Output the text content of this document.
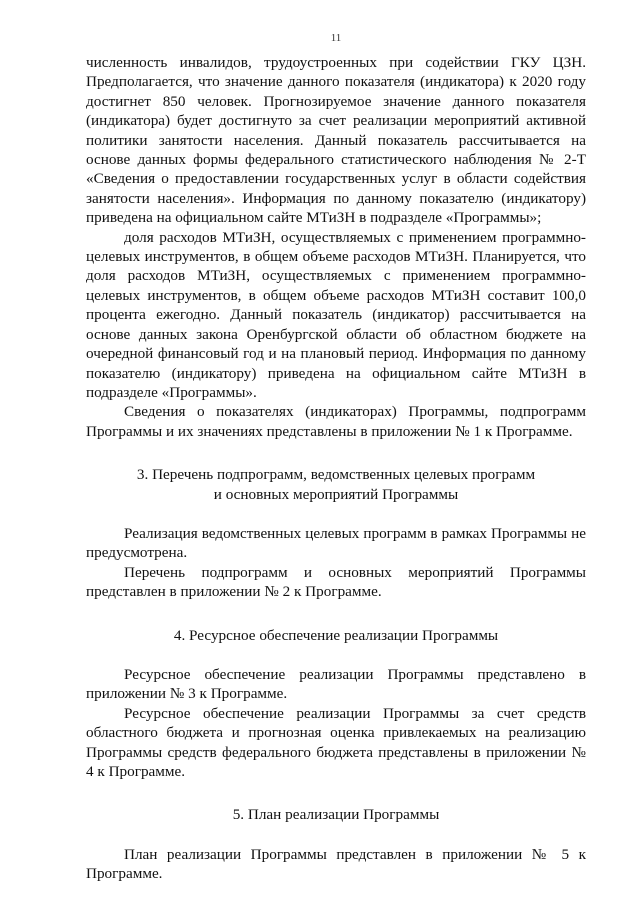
11

численность инвалидов, трудоустроенных при содействии ГКУ ЦЗН. Предполагается, что значение данного показателя (индикатора) к 2020 году достигнет 850 человек. Прогнозируемое значение данного показателя (индикатора) будет достигнуто за счет реализации мероприятий активной политики занятости населения. Данный показатель рассчитывается на основе данных формы федерального статистического наблюдения № 2-Т «Сведения о предоставлении государственных услуг в области содействия занятости населения». Информация по данному показателю (индикатору) приведена на официальном сайте МТиЗН в подразделе «Программы»;

доля расходов МТиЗН, осуществляемых с применением программно-целевых инструментов, в общем объеме расходов МТиЗН. Планируется, что доля расходов МТиЗН, осуществляемых с применением программно-целевых инструментов, в общем объеме расходов МТиЗН составит 100,0 процента ежегодно. Данный показатель (индикатор) рассчитывается на основе данных закона Оренбургской области об областном бюджете на очередной финансовый год и на плановый период. Информация по данному показателю (индикатору) приведена на официальном сайте МТиЗН в подразделе «Программы».

Сведения о показателях (индикаторах) Программы, подпрограмм Программы и их значениях представлены в приложении № 1 к Программе.

3. Перечень подпрограмм, ведомственных целевых программ

и основных мероприятий Программы

Реализация ведомственных целевых программ в рамках Программы не предусмотрена.

Перечень подпрограмм и основных мероприятий Программы представлен в приложении № 2 к Программе.

4. Ресурсное обеспечение реализации Программы

Ресурсное обеспечение реализации Программы представлено в приложении № 3 к Программе.

Ресурсное обеспечение реализации Программы за счет средств областного бюджета и прогнозная оценка привлекаемых на реализацию Программы средств федерального бюджета представлены в приложении № 4 к Программе.

5. План реализации Программы

План реализации Программы представлен в приложении № 5 к Программе.
